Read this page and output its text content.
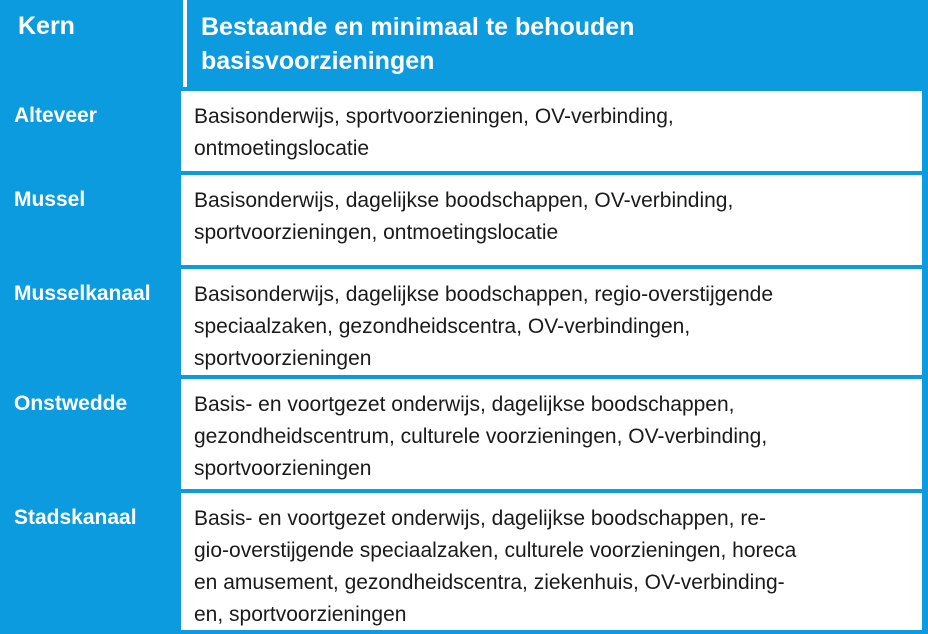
Kern	Bestaande en minimaal te behouden
basisvoorzieningen
Alteveer	Basisonderwijs, sportvoorzieningen, OV-verbinding,
ontmoetingslocatie
Mussel	Basisonderwijs, dagelijkse boodschappen, OV-verbinding,
sportvoorzieningen, ontmoetingslocatie
Musselkanaal	Basisonderwijs, dagelijkse boodschappen, regio-overstijgende
speciaalzaken, gezondheidscentra, OV-verbindingen,
sportvoorzieningen
Onstwedde	Basis- en voortgezet onderwijs, dagelijkse boodschappen,
gezondheidscentrum, culturele voorzieningen, OV-verbinding,
sportvoorzieningen
Stadskanaal	Basis- en voortgezet onderwijs, dagelijkse boodschappen, re-
gio-overstijgende speciaalzaken, culturele voorzieningen, horeca
en amusement, gezondheidscentra, ziekenhuis, OV-verbinding-
en, sportvoorzieningen
